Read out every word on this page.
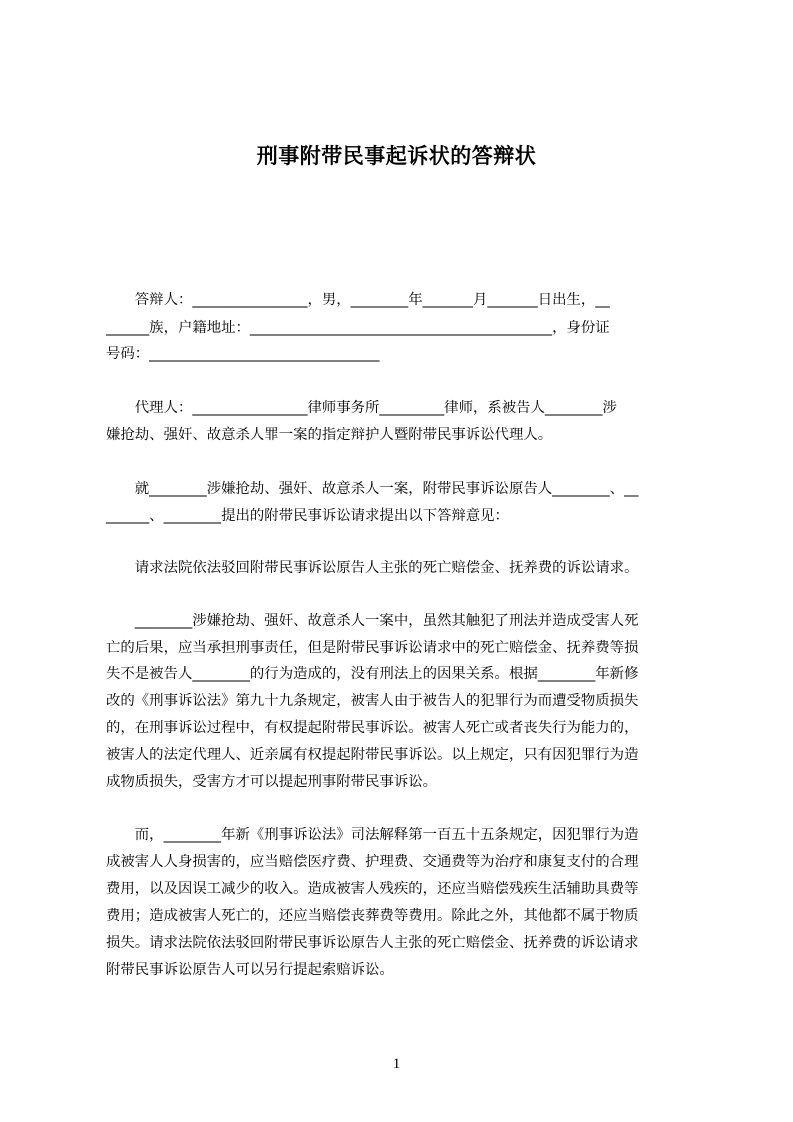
刑事附带民事起诉状的答辩状
　　答辩人：________________，男，________年_______月_______日出生，__
______族，户籍地址：__________________________________________，身份证
号码：________________________________
　　代理人：________________律师事务所_________律师，系被告人________涉
嫌抢劫、强奸、故意杀人罪一案的指定辩护人暨附带民事诉讼代理人。
　　就________涉嫌抢劫、强奸、故意杀人一案，附带民事诉讼原告人________、__
______、________提出的附带民事诉讼请求提出以下答辩意见：
　　请求法院依法驳回附带民事诉讼原告人主张的死亡赔偿金、抚养费的诉讼请求。
　　________涉嫌抢劫、强奸、故意杀人一案中，虽然其触犯了刑法并造成受害人死
亡的后果，应当承担刑事责任，但是附带民事诉讼请求中的死亡赔偿金、抚养费等损
失不是被告人________的行为造成的，没有刑法上的因果关系。根据________年新修
改的《刑事诉讼法》第九十九条规定，被害人由于被告人的犯罪行为而遭受物质损失
的，在刑事诉讼过程中，有权提起附带民事诉讼。被害人死亡或者丧失行为能力的，
被害人的法定代理人、近亲属有权提起附带民事诉讼。以上规定，只有因犯罪行为造
成物质损失，受害方才可以提起刑事附带民事诉讼。
　　而，________年新《刑事诉讼法》司法解释第一百五十五条规定，因犯罪行为造
成被害人人身损害的，应当赔偿医疗费、护理费、交通费等为治疗和康复支付的合理
费用，以及因误工减少的收入。造成被害人残疾的，还应当赔偿残疾生活辅助具费等
费用；造成被害人死亡的，还应当赔偿丧葬费等费用。除此之外，其他都不属于物质
损失。请求法院依法驳回附带民事诉讼原告人主张的死亡赔偿金、抚养费的诉讼请求
附带民事诉讼原告人可以另行提起索赔诉讼。
1
